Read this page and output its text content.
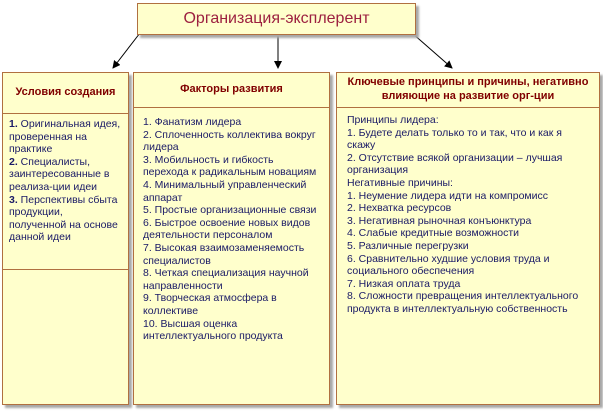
Организация-эксплерент
Условия создания
1. Оригинальная идея, проверенная на практике
2. Специалисты, заинтересованные в реализа-ции идеи
3. Перспективы сбыта продукции, полученной на основе данной идеи
Факторы развития
1. Фанатизм лидера
2. Сплоченность коллектива вокруг лидера
3. Мобильность и гибкость перехода к радикальным новациям
4. Минимальный управленческий аппарат
5. Простые организационные связи
6. Быстрое освоение новых видов деятельности персоналом
7. Высокая взаимозаменяемость специалистов
8. Четкая специализация научной направленности
9. Творческая атмосфера в коллективе
10. Высшая оценка интеллектуального продукта
Ключевые принципы и причины, негативно влияющие на развитие орг-ции
Принципы лидера:
1. Будете делать только то и так, что и как я скажу
2. Отсутствие всякой организации – лучшая организация
Негативные причины:
1. Неумение лидера идти на компромисс
2. Нехватка ресурсов
3. Негативная рыночная конъюнктура
4. Слабые кредитные возможности
5. Различные перегрузки
6. Сравнительно худшие условия труда и социального обеспечения
7. Низкая оплата труда
8. Сложности превращения интеллектуального продукта в интеллектуальную собственность
